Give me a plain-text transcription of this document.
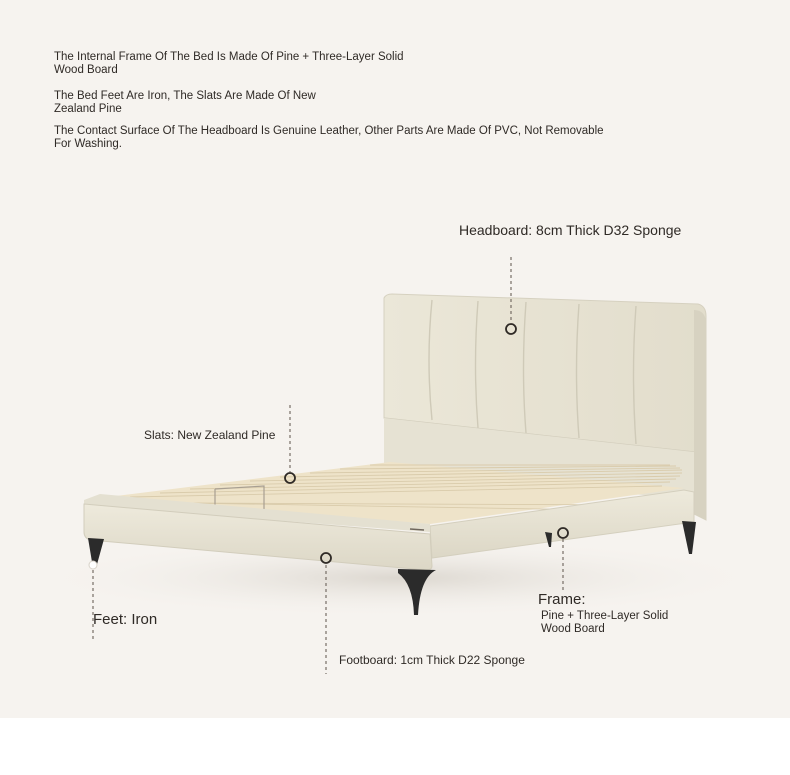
The Internal Frame Of The Bed Is Made Of Pine + Three-Layer Solid Wood Board

The Bed Feet Are Iron, The Slats Are Made Of New Zealand Pine

The Contact Surface Of The Headboard Is Genuine Leather, Other Parts Are Made Of PVC, Not Removable For Washing.

Headboard: 8cm Thick D32 Sponge
Slats: New Zealand Pine
Feet: Iron
Frame:
Pine + Three-Layer Solid Wood Board
Footboard: 1cm Thick D22 Sponge
